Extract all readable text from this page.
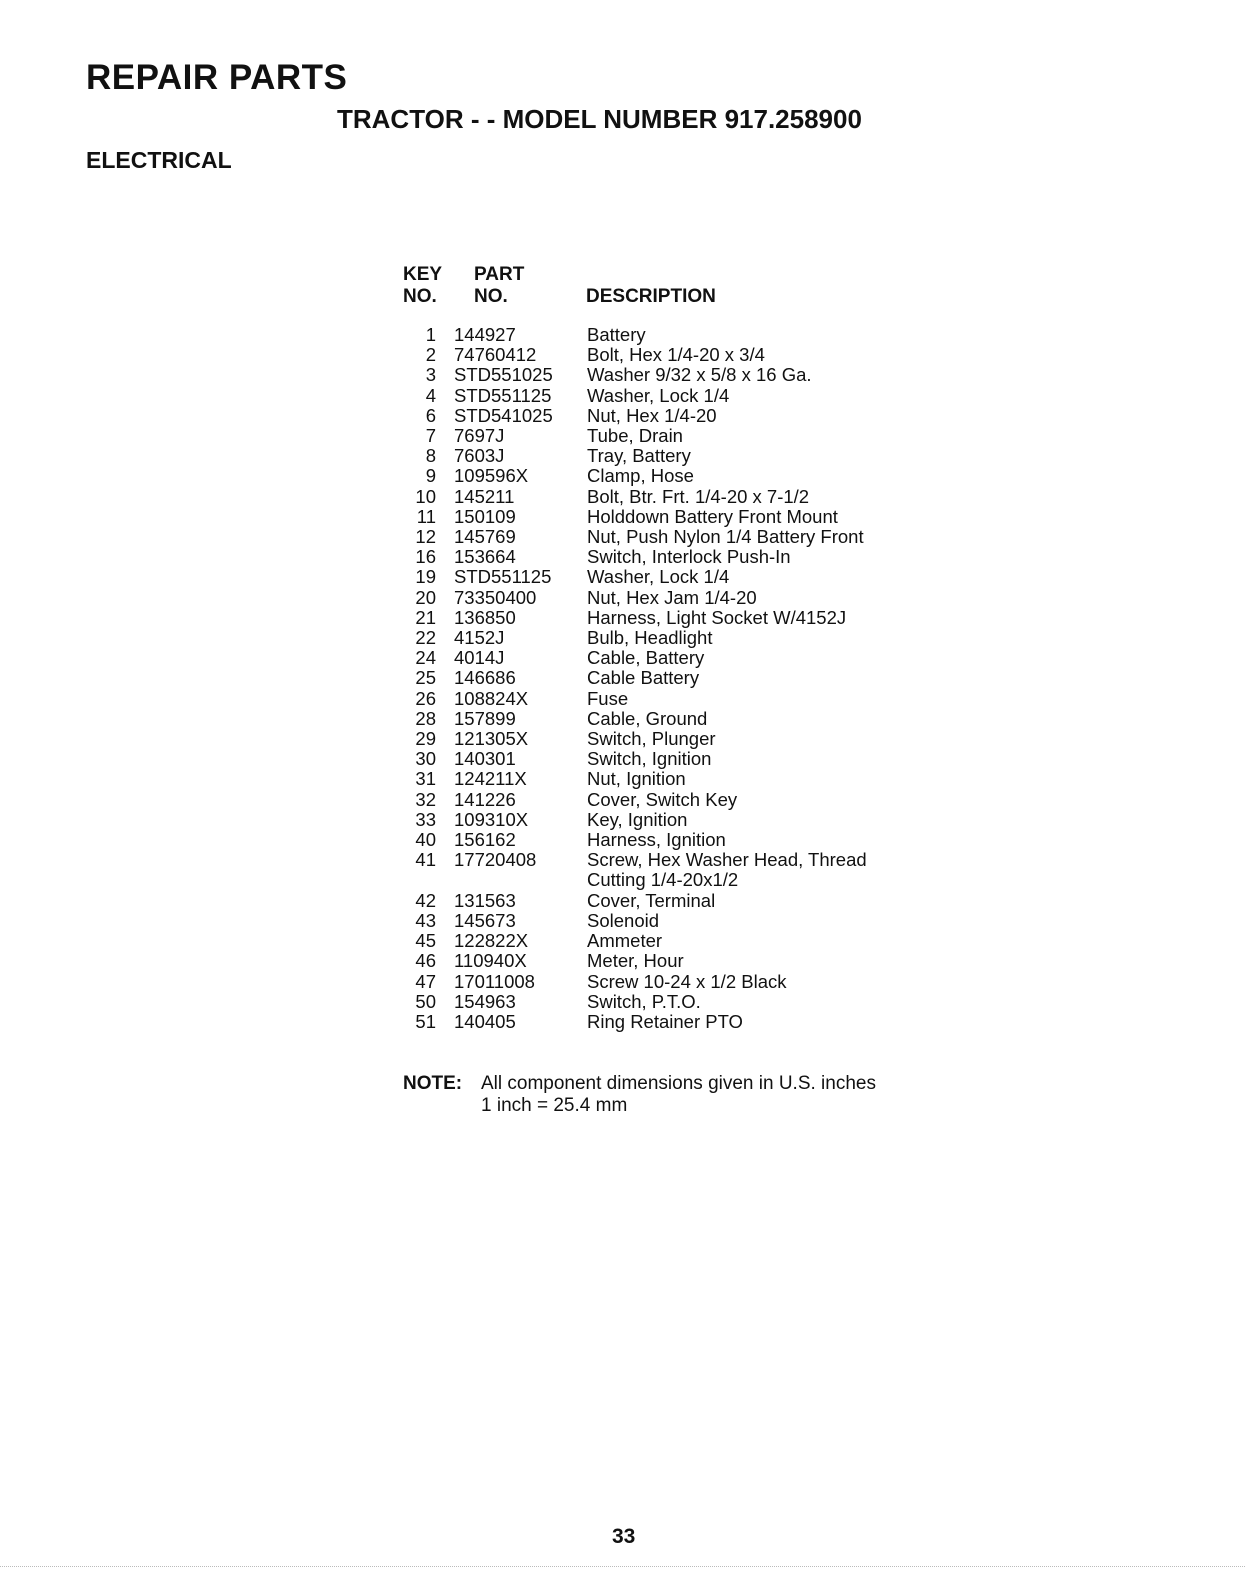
REPAIR PARTS
TRACTOR - - MODEL NUMBER 917.258900
ELECTRICAL
KEY
NO.
PART
NO.	DESCRIPTION
1 144927	Battery
2 74760412	Bolt, Hex 1/4-20 x 3/4
3 STD551025	Washer 9/32 x 5/8 x 16 Ga.
4 STD551125	Washer, Lock 1/4
6 STD541025	Nut, Hex 1/4-20
7 7697J	Tube, Drain
8 7603J	Tray, Battery
9 109596X	Clamp, Hose
10 145211	Bolt, Btr. Frt. 1/4-20 x 7-1/2
11 150109	Holddown Battery Front Mount
12 145769	Nut, Push Nylon 1/4 Battery Front
16 153664	Switch, Interlock Push-In
19 STD551125	Washer, Lock 1/4
20 73350400	Nut, Hex Jam 1/4-20
21 136850	Harness, Light Socket W/4152J
22 4152J	Bulb, Headlight
24 4014J	Cable, Battery
25 146686	Cable Battery
26 108824X	Fuse
28 157899	Cable, Ground
29 121305X	Switch, Plunger
30 140301	Switch, Ignition
31 124211X	Nut, Ignition
32 141226	Cover, Switch Key
33 109310X	Key, Ignition
40 156162	Harness, Ignition
41 17720408	Screw, Hex Washer Head, Thread
Cutting 1/4-20x1/2
42 131563	Cover, Terminal
43 145673	Solenoid
45 122822X	Ammeter
46 110940X	Meter, Hour
47 17011008	Screw 10-24 x 1/2 Black
50 154963	Switch, P.T.O.
51 140405	Ring Retainer PTO
NOTE: All component dimensions given in U.S. inches
1 inch = 25.4 mm
33
